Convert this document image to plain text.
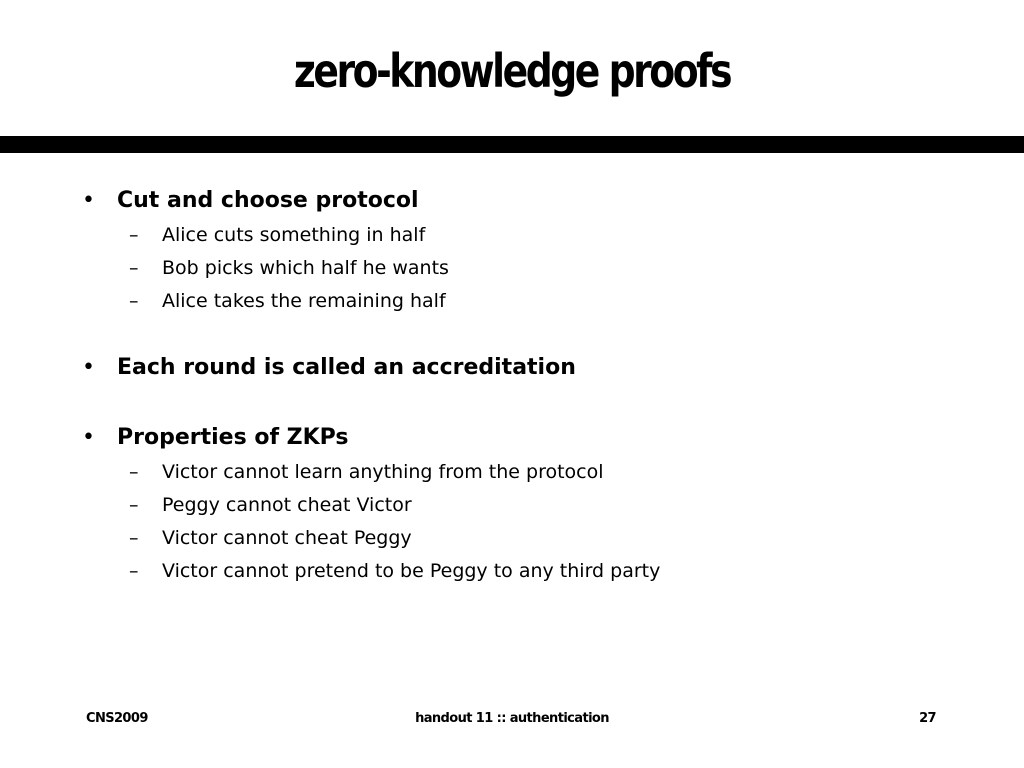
zero-knowledge proofs
• Cut and choose protocol
– Alice cuts something in half
– Bob picks which half he wants
– Alice takes the remaining half
• Each round is called an accreditation
• Properties of ZKPs
– Victor cannot learn anything from the protocol
– Peggy cannot cheat Victor
– Victor cannot cheat Peggy
– Victor cannot pretend to be Peggy to any third party
CNS2009	handout 11 :: authentication	27
